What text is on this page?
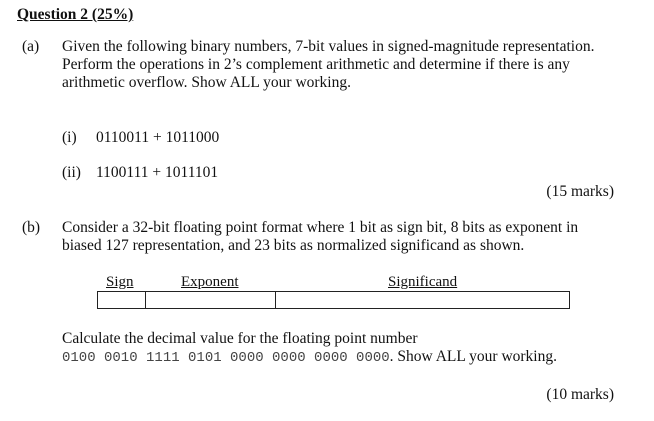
Question 2 (25%)
(a) Given the following binary numbers, 7-bit values in signed-magnitude representation.
Perform the operations in 2’s complement arithmetic and determine if there is any
arithmetic overflow. Show ALL your working.
(i) 0110011 + 1011000
(ii) 1100111 + 1011101
(15 marks)
(b) Consider a 32-bit floating point format where 1 bit as sign bit, 8 bits as exponent in
biased 127 representation, and 23 bits as normalized significand as shown.
Sign	Exponent	Significand
Calculate the decimal value for the floating point number
0100 0010 1111 0101 0000 0000 0000 0000. Show ALL your working.
(10 marks)
